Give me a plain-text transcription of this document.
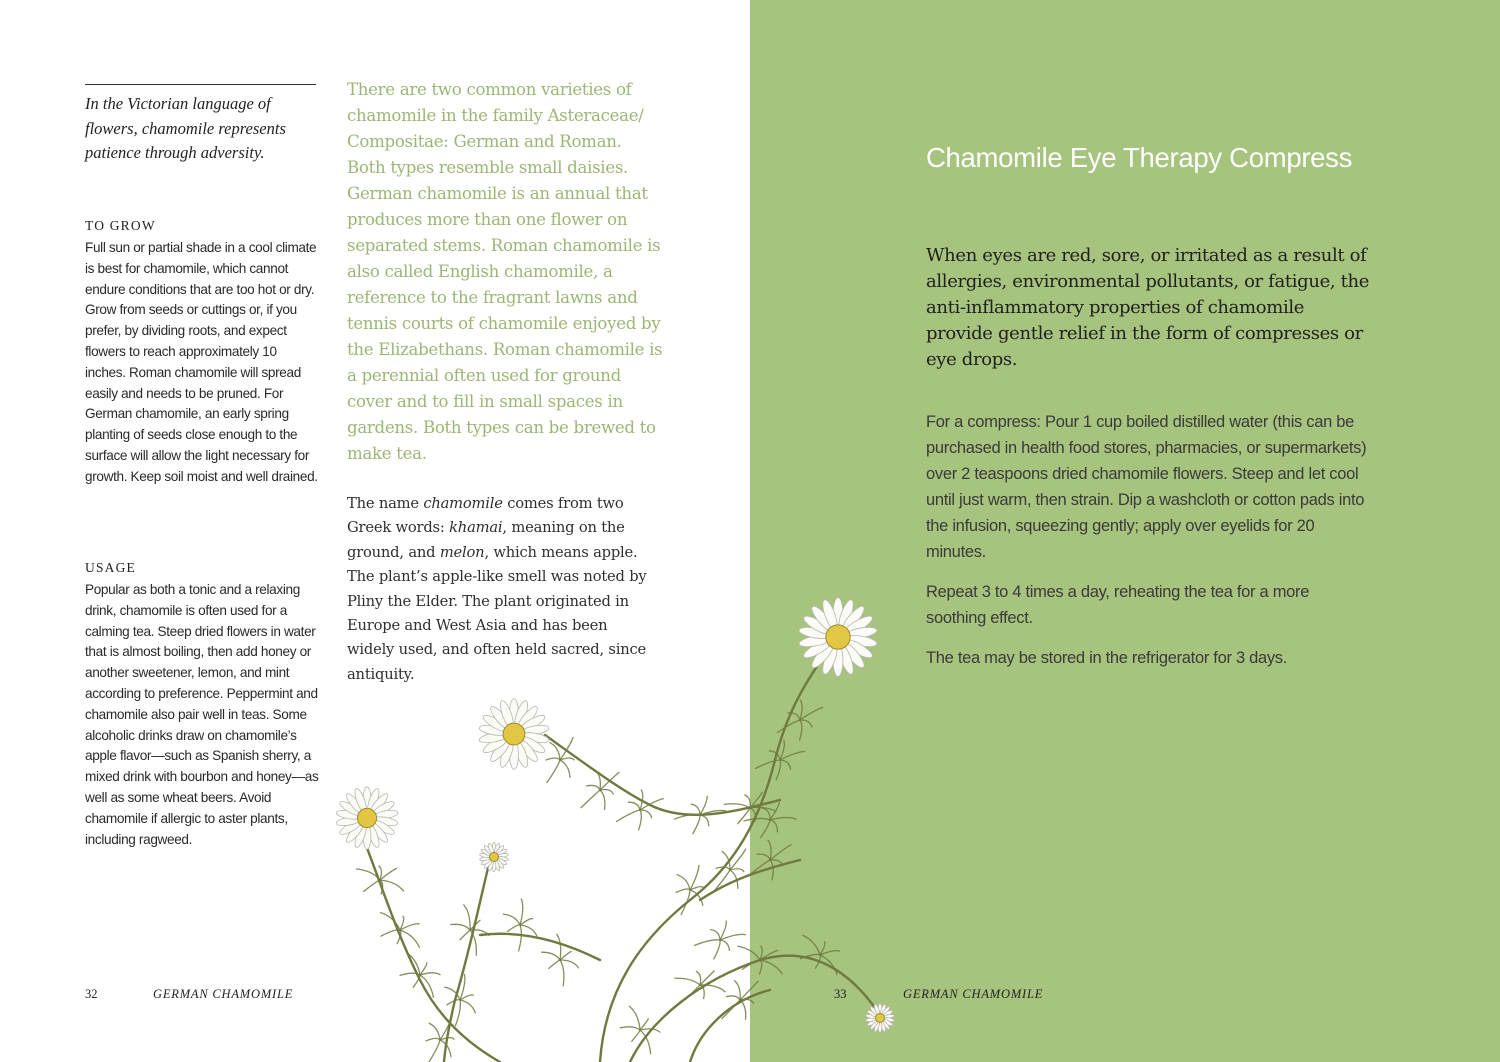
In the Victorian language of flowers, chamomile represents patience through adversity.
TO GROW
Full sun or partial shade in a cool climate is best for chamomile, which cannot endure conditions that are too hot or dry. Grow from seeds or cuttings or, if you prefer, by dividing roots, and expect flowers to reach approximately 10 inches. Roman chamomile will spread easily and needs to be pruned. For German chamomile, an early spring planting of seeds close enough to the surface will allow the light necessary for growth. Keep soil moist and well drained.
USAGE
Popular as both a tonic and a relaxing drink, chamomile is often used for a calming tea. Steep dried flowers in water that is almost boiling, then add honey or another sweetener, lemon, and mint according to preference. Peppermint and chamomile also pair well in teas. Some alcoholic drinks draw on chamomile’s apple flavor—such as Spanish sherry, a mixed drink with bourbon and honey—as well as some wheat beers. Avoid chamomile if allergic to aster plants, including ragweed.
There are two common varieties of chamomile in the family Asteraceae/ Compositae: German and Roman. Both types resemble small daisies. German chamomile is an annual that produces more than one flower on separated stems. Roman chamomile is also called English chamomile, a reference to the fragrant lawns and tennis courts of chamomile enjoyed by the Elizabethans. Roman chamomile is a perennial often used for ground cover and to fill in small spaces in gardens. Both types can be brewed to make tea.
The name chamomile comes from two Greek words: khamai, meaning on the ground, and melon, which means apple. The plant’s apple-like smell was noted by Pliny the Elder. The plant originated in Europe and West Asia and has been widely used, and often held sacred, since antiquity.
Chamomile Eye Therapy Compress
When eyes are red, sore, or irritated as a result of allergies, environmental pollutants, or fatigue, the anti-inflammatory properties of chamomile provide gentle relief in the form of compresses or eye drops.
For a compress: Pour 1 cup boiled distilled water (this can be purchased in health food stores, pharmacies, or supermarkets) over 2 teaspoons dried chamomile flowers. Steep and let cool until just warm, then strain. Dip a washcloth or cotton pads into the infusion, squeezing gently; apply over eyelids for 20 minutes.
Repeat 3 to 4 times a day, reheating the tea for a more soothing effect.
The tea may be stored in the refrigerator for 3 days.
32	GERMAN CHAMOMILE	33	GERMAN CHAMOMILE
